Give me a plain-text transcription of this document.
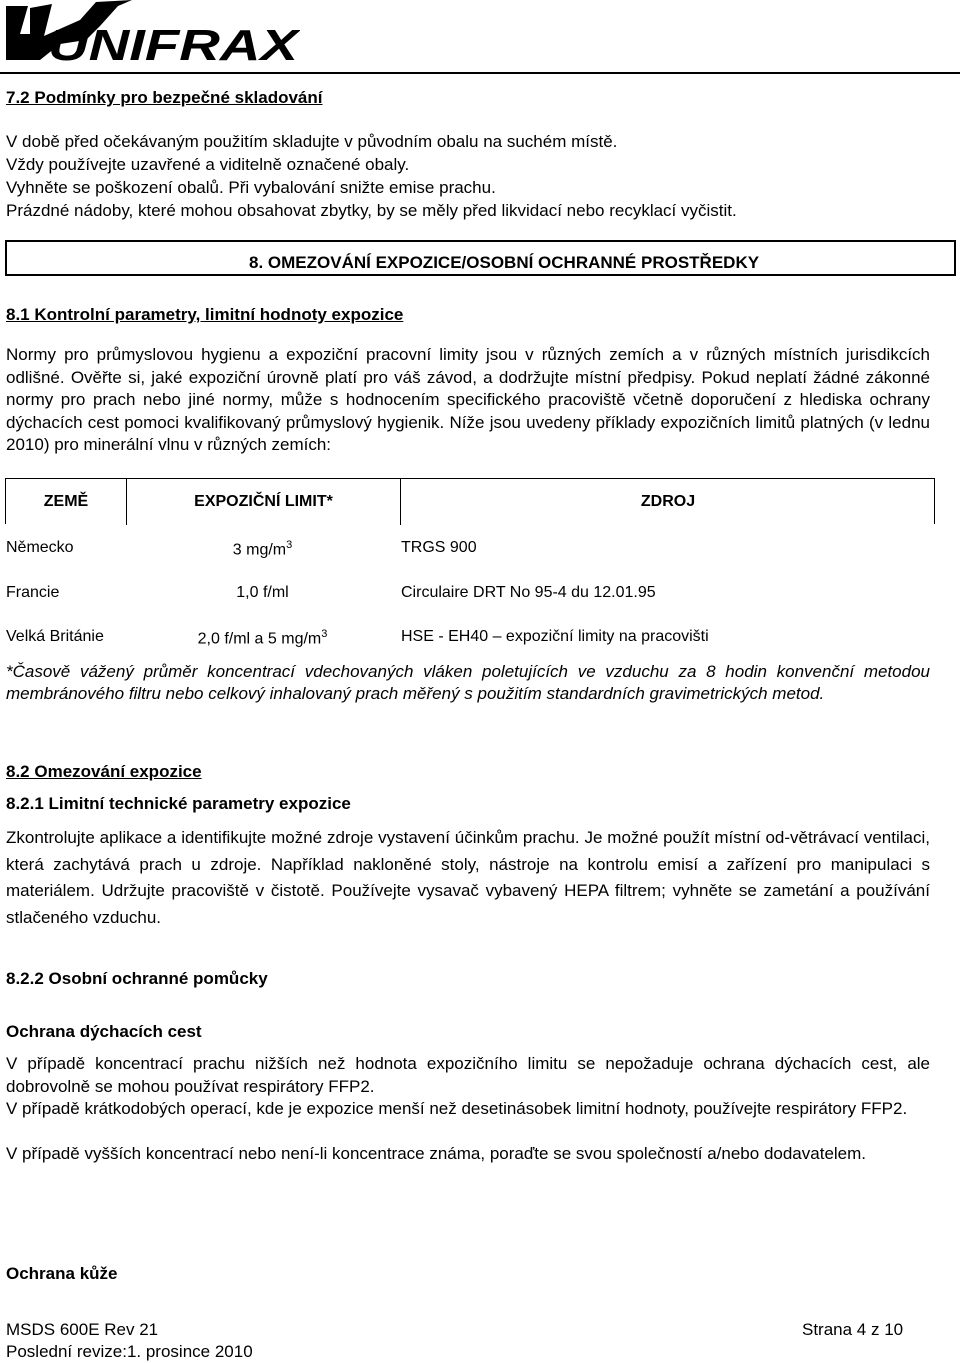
UNIFRAX
7.2 Podmínky pro bezpečné skladování
V době před očekávaným použitím skladujte v původním obalu na suchém místě.
Vždy používejte uzavřené a viditelně označené obaly.
Vyhněte se poškození obalů. Při vybalování snižte emise prachu.
Prázdné nádoby, které mohou obsahovat zbytky, by se měly před likvidací nebo recyklací vyčistit.
8. OMEZOVÁNÍ EXPOZICE/OSOBNÍ OCHRANNÉ PROSTŘEDKY
8.1 Kontrolní parametry, limitní hodnoty expozice
Normy pro průmyslovou hygienu a expoziční pracovní limity jsou v různých zemích a v různých místních jurisdikcích odlišné. Ověřte si, jaké expoziční úrovně platí pro váš závod, a dodržujte místní předpisy. Pokud neplatí žádné zákonné normy pro prach nebo jiné normy, může s hodnocením specifického pracoviště včetně doporučení z hlediska ochrany dýchacích cest pomoci kvalifikovaný průmyslový hygienik. Níže jsou uvedeny příklady expozičních limitů platných (v lednu 2010) pro minerální vlnu v různých zemích:
ZEMĚ	EXPOZIČNÍ LIMIT*	ZDROJ
Německo	3 $mg/m^3$	TRGS 900
Francie	1,0 f/ml	Circulaire DRT No 95-4 du 12.01.95
Velká Británie	2,0 f/ml a 5 $mg/m^3$	HSE - EH40 – expoziční limity na pracovišti
*Časově vážený průměr koncentrací vdechovaných vláken poletujících ve vzduchu za 8 hodin konvenční metodou membránového filtru nebo celkový inhalovaný prach měřený s použitím standardních gravimetrických metod.
8.2 Omezování expozice
8.2.1 Limitní technické parametry expozice
Zkontrolujte aplikace a identifikujte možné zdroje vystavení účinkům prachu. Je možné použít místní od-větrávací ventilaci, která zachytává prach u zdroje. Například nakloněné stoly, nástroje na kontrolu emisí a zařízení pro manipulaci s materiálem. Udržujte pracoviště v čistotě. Používejte vysavač vybavený HEPA filtrem; vyhněte se zametání a používání stlačeného vzduchu.
8.2.2 Osobní ochranné pomůcky
Ochrana dýchacích cest
V případě koncentrací prachu nižších než hodnota expozičního limitu se nepožaduje ochrana dýchacích cest, ale dobrovolně se mohou používat respirátory FFP2.
V případě krátkodobých operací, kde je expozice menší než desetinásobek limitní hodnoty, používejte respirátory FFP2.
V případě vyšších koncentrací nebo není-li koncentrace známa, poraďte se svou společností a/nebo dodavatelem.
Ochrana kůže
MSDS 600E Rev 21
Poslední revize:1. prosince 2010
Strana 4 z 10
